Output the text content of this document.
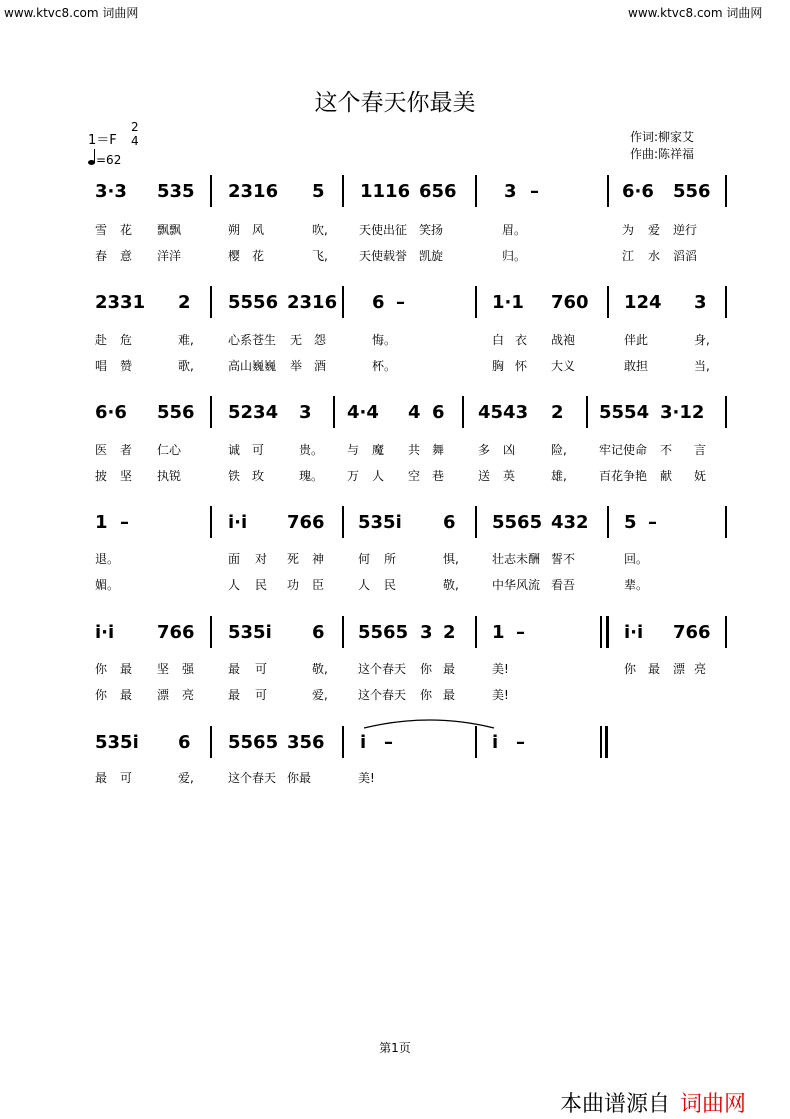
www.ktvc8.com 词曲网	www.ktvc8.com 词曲网
这个春天你最美
1＝F
2
4
=62
作词:柳家艾
作曲:陈祥福
3·3 535 2316 5 1116 656	3 –	6·6 556
雪 花 飘飘	朔 风	吹,	天使出征 笑扬	眉。	为 爱 逆行
春 意 洋洋	樱 花	飞,	天使载誉 凯旋	归。	江 水 滔滔
2331 2 5556 2316 6 –	1·1 760 124 3
赴 危	难,	心系苍生 无 怨	悔。	白 衣 战袍	伴此	身,
唱 赞	歌,	高山巍巍 举 酒	杯。	胸 怀 大义	敢担	当,
6·6 556 5234 3 4·4 4 6 4543 2 5554 3·12
医 者 仁心	诚 可	贵。 与 魔 共 舞	多 凶	险,	牢记使命 不 言
披 坚 执锐	铁 玫	瑰。 万 人 空 巷	送 英	雄,	百花争艳 献 妩
1 –	i·i 766 535i 6 5565 432 5 –
退。	面 对 死 神	何 所	惧,	壮志未酬 誓不	回。
媚。	人 民 功 臣	人 民	敬,	中华风流 看吾	辈。
i·i 766 535i 6 5565 3 2 1 –	i·i 766
你 最 坚 强	最 可	敬,	这个春天 你 最	美!	你 最 漂 亮
你 最 漂 亮	最 可	爱,	这个春天 你 最	美!
535i 6 5565 356 i –	i –
最 可	爱,	这个春天 你最	美!
第1页
本曲谱源自 词曲网
